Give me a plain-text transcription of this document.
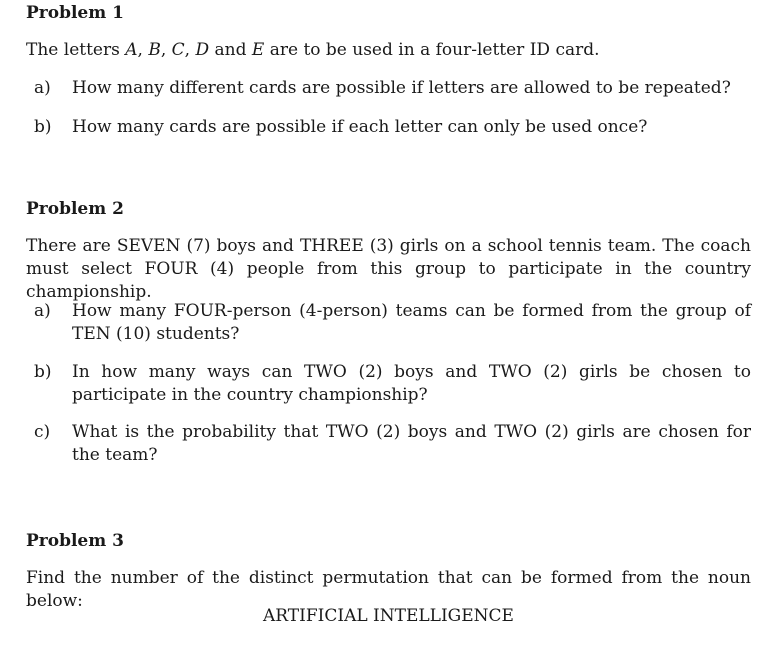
Problem 1
The letters A, B, C, D and E are to be used in a four-letter ID card.
a)	How many different cards are possible if letters are allowed to be repeated?
b)	How many cards are possible if each letter can only be used once?
Problem 2
There are SEVEN (7) boys and THREE (3) girls on a school tennis team. The coach must select FOUR (4) people from this group to participate in the country championship.
a)	How many FOUR-person (4-person) teams can be formed from the group of TEN (10) students?
b)	In how many ways can TWO (2) boys and TWO (2) girls be chosen to participate in the country championship?
c)	What is the probability that TWO (2) boys and TWO (2) girls are chosen for the team?
Problem 3
Find the number of the distinct permutation that can be formed from the noun below:
ARTIFICIAL INTELLIGENCE
